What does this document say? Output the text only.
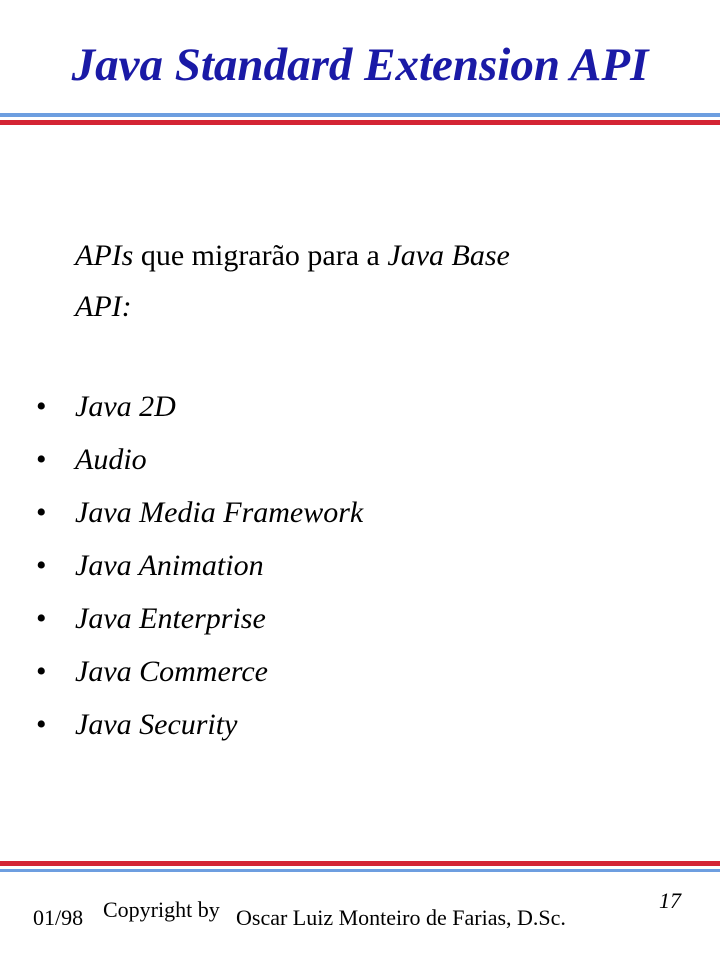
Java Standard Extension API

APIs que migrarão para a Java Base
API:

• Java 2D
• Audio
• Java Media Framework
• Java Animation
• Java Enterprise
• Java Commerce
• Java Security

01/98 Copyright by Oscar Luiz Monteiro de Farias, D.Sc.

17
